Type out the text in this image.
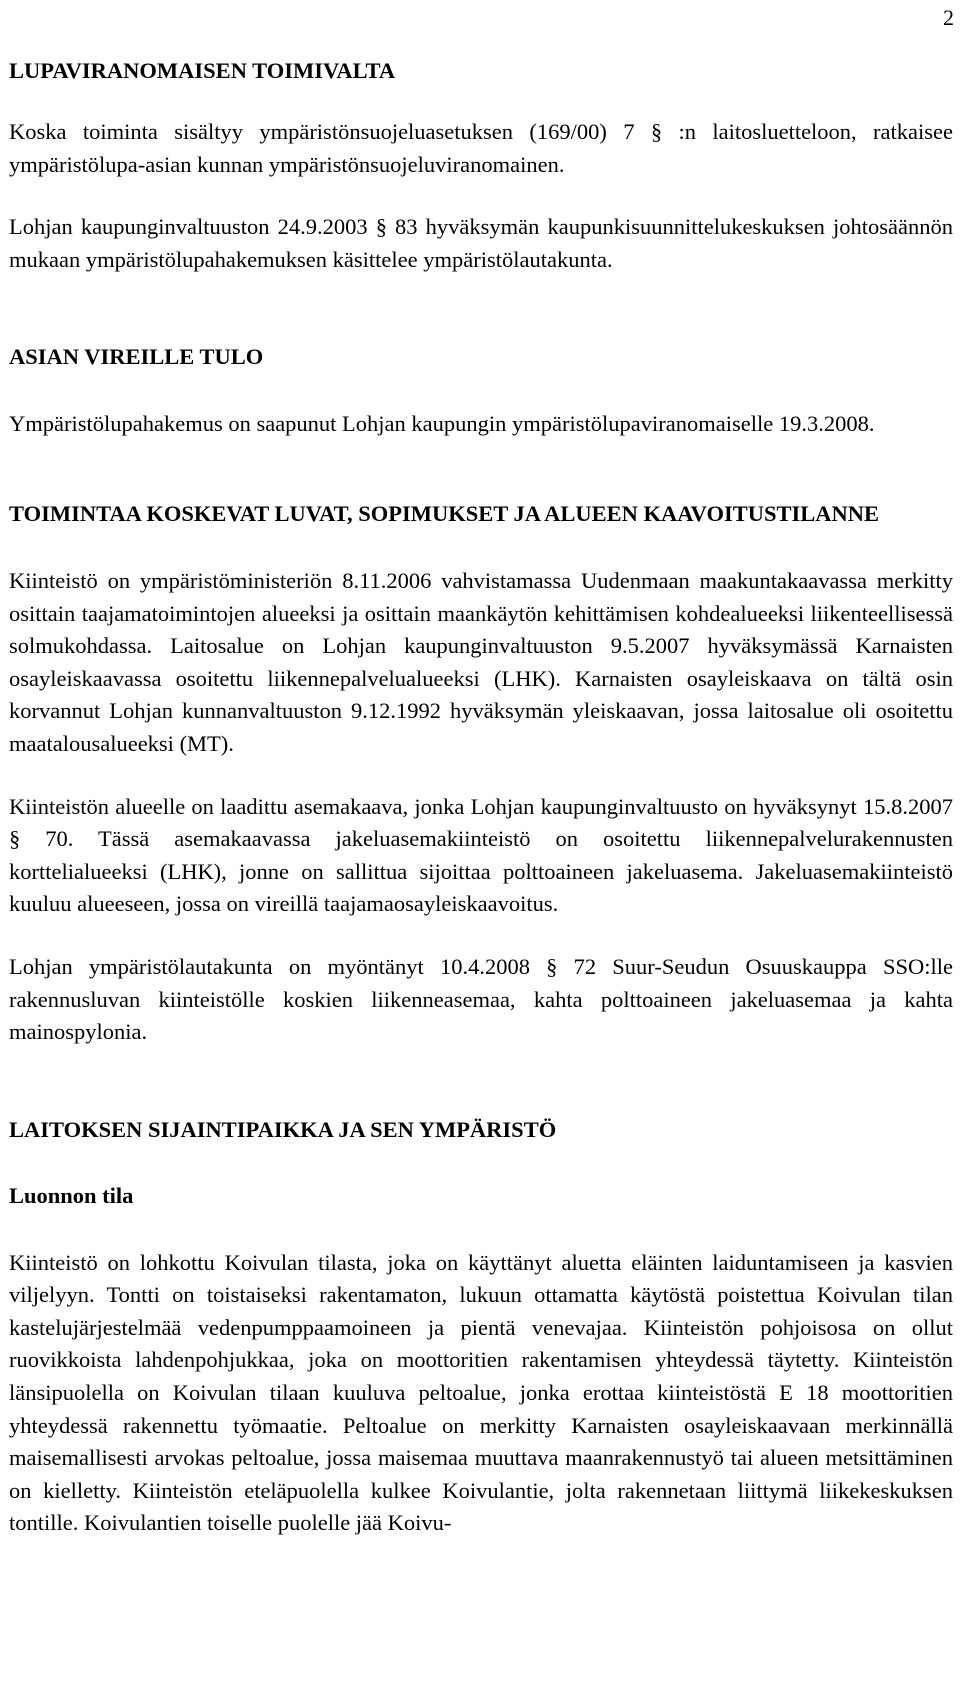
2
LUPAVIRANOMAISEN TOIMIVALTA

Koska toiminta sisältyy ympäristönsuojeluasetuksen (169/00) 7 § :n laitosluetteloon, ratkaisee ympäristölupa-asian kunnan ympäristönsuojeluviranomainen.

Lohjan kaupunginvaltuuston 24.9.2003 § 83 hyväksymän kaupunkisuunnittelukeskuksen johtosäännön mukaan ympäristölupahakemuksen käsittelee ympäristölautakunta.

ASIAN VIREILLE TULO

Ympäristölupahakemus on saapunut Lohjan kaupungin ympäristölupaviranomaiselle 19.3.2008.

TOIMINTAA KOSKEVAT LUVAT, SOPIMUKSET JA ALUEEN KAAVOITUSTILANNE

Kiinteistö on ympäristöministeriön 8.11.2006 vahvistamassa Uudenmaan maakuntakaavassa merkitty osittain taajamatoimintojen alueeksi ja osittain maankäytön kehittämisen kohdealueeksi liikenteellisessä solmukohdassa. Laitosalue on Lohjan kaupunginvaltuuston 9.5.2007 hyväksymässä Karnaisten osayleiskaavassa osoitettu liikennepalvelualueeksi (LHK). Karnaisten osayleiskaava on tältä osin korvannut Lohjan kunnanvaltuuston 9.12.1992 hyväksymän yleiskaavan, jossa laitosalue oli osoitettu maatalousalueeksi (MT).

Kiinteistön alueelle on laadittu asemakaava, jonka Lohjan kaupunginvaltuusto on hyväksynyt 15.8.2007 § 70. Tässä asemakaavassa jakeluasemakiinteistö on osoitettu liikennepalvelurakennusten korttelialueeksi (LHK), jonne on sallittua sijoittaa polttoaineen jakeluasema. Jakeluasemakiinteistö kuuluu alueeseen, jossa on vireillä taajamaosayleiskaavoitus.

Lohjan ympäristölautakunta on myöntänyt 10.4.2008 § 72 Suur-Seudun Osuuskauppa SSO:lle rakennusluvan kiinteistölle koskien liikenneasemaa, kahta polttoaineen jakeluasemaa ja kahta mainospylonia.

LAITOKSEN SIJAINTIPAIKKA JA SEN YMPÄRISTÖ
Luonnon tila

Kiinteistö on lohkottu Koivulan tilasta, joka on käyttänyt aluetta eläinten laiduntamiseen ja kasvien viljelyyn. Tontti on toistaiseksi rakentamaton, lukuun ottamatta käytöstä poistettua Koivulan tilan kastelujärjestelmää vedenpumppaamoineen ja pientä venevajaa. Kiinteistön pohjoisosa on ollut ruovikkoista lahdenpohjukkaa, joka on moottoritien rakentamisen yhteydessä täytetty. Kiinteistön länsipuolella on Koivulan tilaan kuuluva peltoalue, jonka erottaa kiinteistöstä E 18 moottoritien yhteydessä rakennettu työmaatie. Peltoalue on merkitty Karnaisten osayleiskaavaan merkinnällä maisemallisesti arvokas peltoalue, jossa maisemaa muuttava maanrakennustyö tai alueen metsittäminen on kielletty. Kiinteistön eteläpuolella kulkee Koivulantie, jolta rakennetaan liittymä liikekeskuksen tontille. Koivulantien toiselle puolelle jää Koivu-
